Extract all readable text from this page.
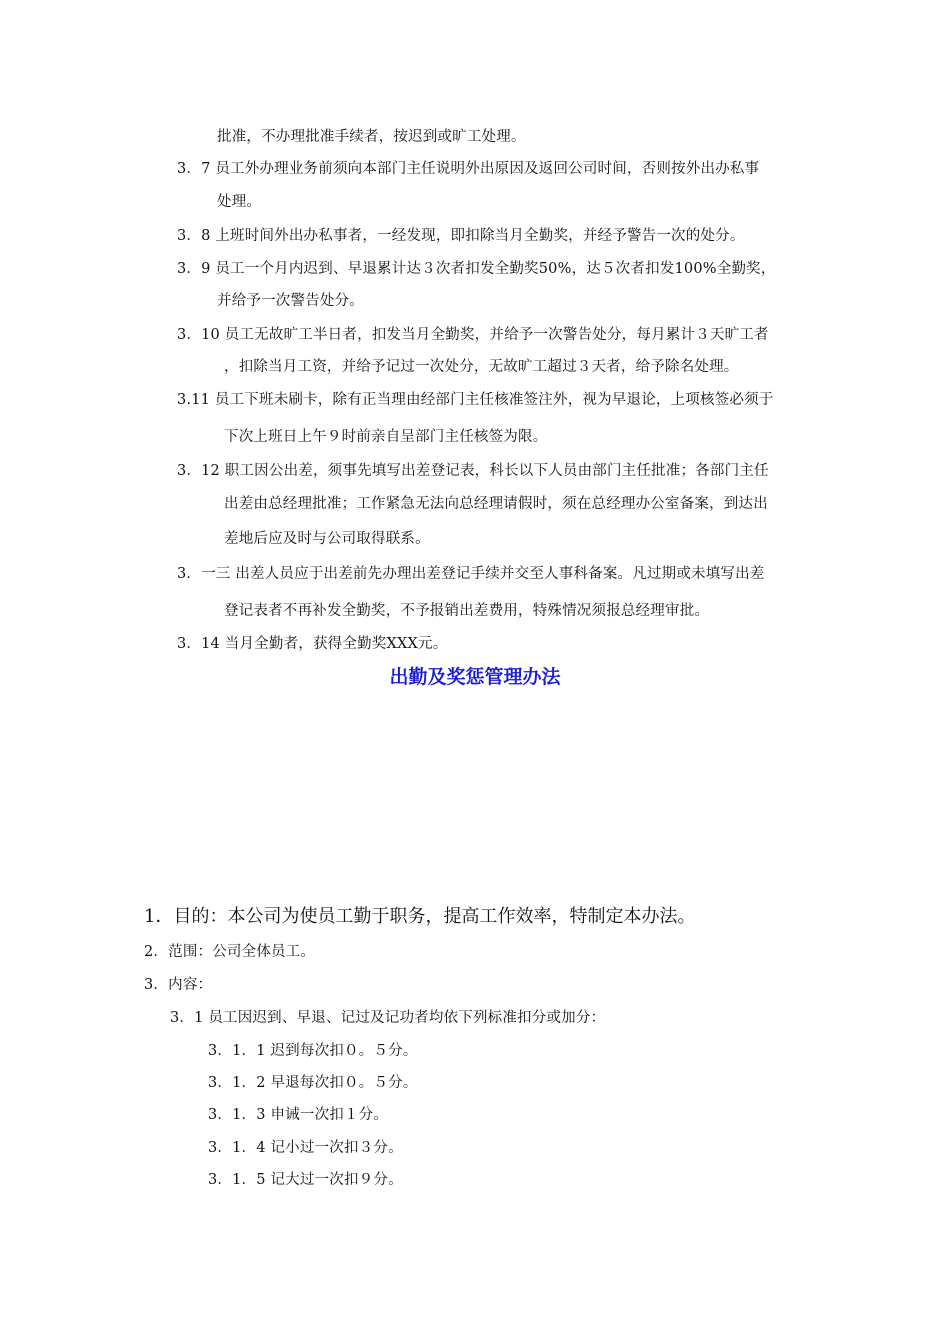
批准，不办理批准手续者，按迟到或旷工处理。
3．7 员工外办理业务前须向本部门主任说明外出原因及返回公司时间，否则按外出办私事
处理。
3．8 上班时间外出办私事者，一经发现，即扣除当月全勤奖，并经予警告一次的处分。
3．9 员工一个月内迟到、早退累计达３次者扣发全勤奖50%，达５次者扣发100%全勤奖，
并给予一次警告处分。
3．10 员工无故旷工半日者，扣发当月全勤奖，并给予一次警告处分，每月累计３天旷工者
，扣除当月工资，并给予记过一次处分，无故旷工超过３天者，给予除名处理。
3.11 员工下班未刷卡，除有正当理由经部门主任核准签注外，视为早退论，上项核签必须于
下次上班日上午９时前亲自呈部门主任核签为限。
3．12 职工因公出差，须事先填写出差登记表，科长以下人员由部门主任批准；各部门主任
出差由总经理批准；工作紧急无法向总经理请假时，须在总经理办公室备案，到达出
差地后应及时与公司取得联系。
3．一三 出差人员应于出差前先办理出差登记手续并交至人事科备案。凡过期或未填写出差
登记表者不再补发全勤奖，不予报销出差费用，特殊情况须报总经理审批。
3．14 当月全勤者，获得全勤奖XXX元。
出勤及奖惩管理办法
1．目的：本公司为使员工勤于职务，提高工作效率，特制定本办法。
2．范围：公司全体员工。
3．内容：
3．1 员工因迟到、早退、记过及记功者均依下列标准扣分或加分：
3．1．1 迟到每次扣０。５分。
3．1．2 早退每次扣０。５分。
3．1．3 申诫一次扣１分。
3．1．4 记小过一次扣３分。
3．1．5 记大过一次扣９分。
